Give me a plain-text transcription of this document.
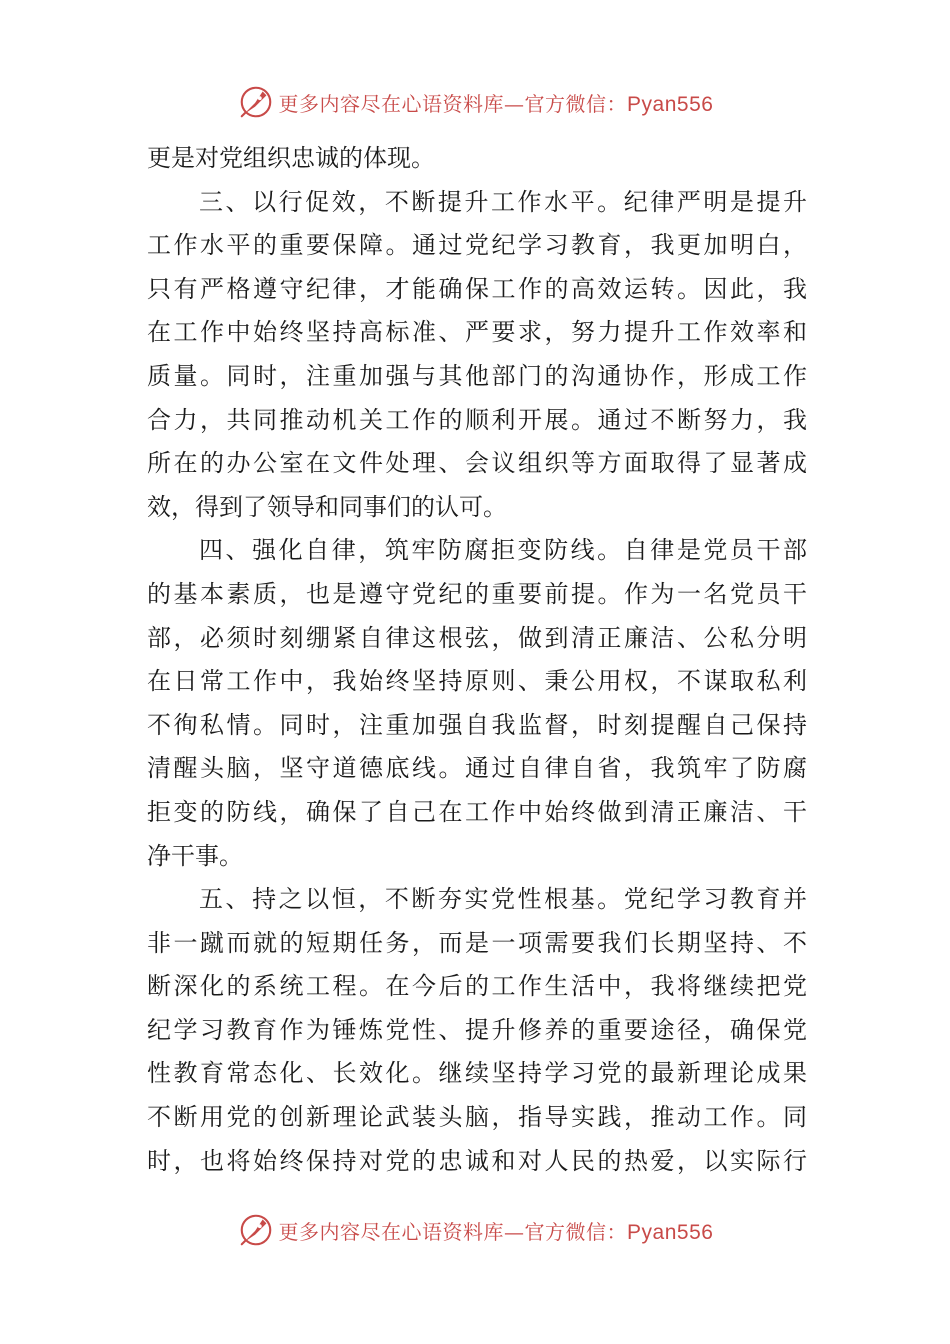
更多内容尽在心语资料库—官方微信：Pyan556
更是对党组织忠诚的体现。
三、以行促效，不断提升工作水平。纪律严明是提升
工作水平的重要保障。通过党纪学习教育，我更加明白，
只有严格遵守纪律，才能确保工作的高效运转。因此，我
在工作中始终坚持高标准、严要求，努力提升工作效率和
质量。同时，注重加强与其他部门的沟通协作，形成工作
合力，共同推动机关工作的顺利开展。通过不断努力，我
所在的办公室在文件处理、会议组织等方面取得了显著成
效，得到了领导和同事们的认可。
四、强化自律，筑牢防腐拒变防线。自律是党员干部
的基本素质，也是遵守党纪的重要前提。作为一名党员干
部，必须时刻绷紧自律这根弦，做到清正廉洁、公私分明
在日常工作中，我始终坚持原则、秉公用权，不谋取私利
不徇私情。同时，注重加强自我监督，时刻提醒自己保持
清醒头脑，坚守道德底线。通过自律自省，我筑牢了防腐
拒变的防线，确保了自己在工作中始终做到清正廉洁、干
净干事。
五、持之以恒，不断夯实党性根基。党纪学习教育并
非一蹴而就的短期任务，而是一项需要我们长期坚持、不
断深化的系统工程。在今后的工作生活中，我将继续把党
纪学习教育作为锤炼党性、提升修养的重要途径，确保党
性教育常态化、长效化。继续坚持学习党的最新理论成果
不断用党的创新理论武装头脑，指导实践，推动工作。同
时，也将始终保持对党的忠诚和对人民的热爱，以实际行
更多内容尽在心语资料库—官方微信：Pyan556
